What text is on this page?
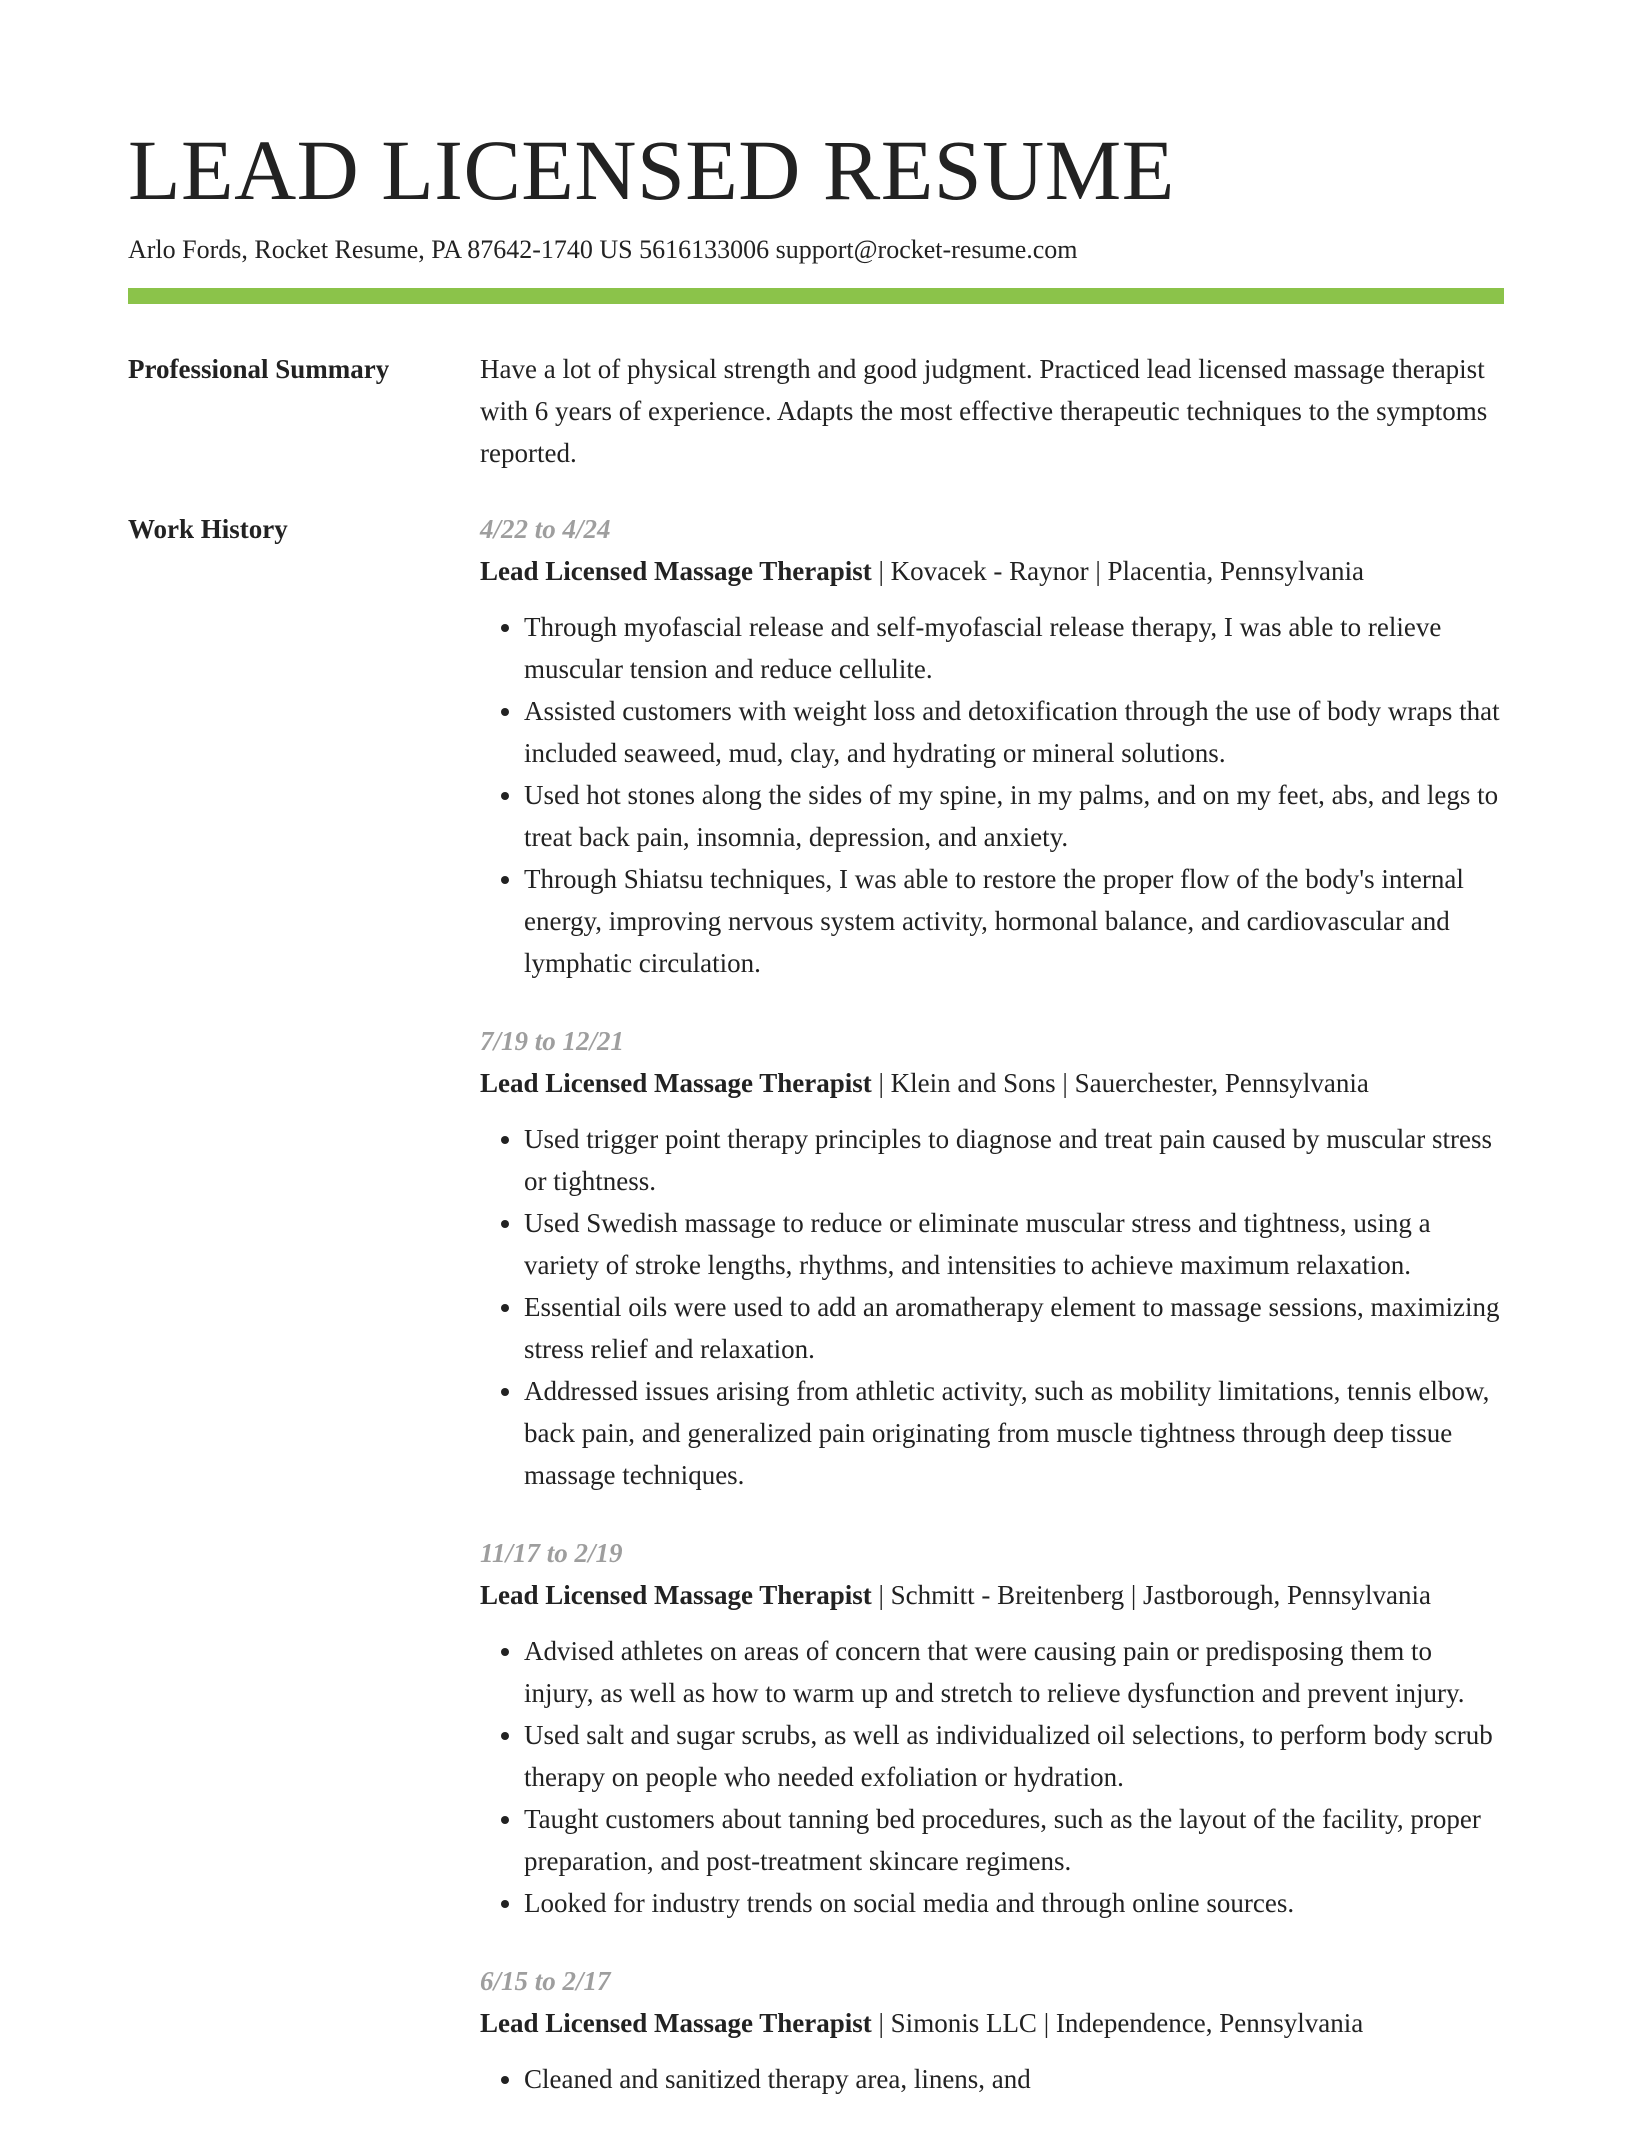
LEAD LICENSED RESUME
Arlo Fords, Rocket Resume, PA 87642-1740 US 5616133006 support@rocket-resume.com
Professional Summary	Have a lot of physical strength and good judgment. Practiced lead licensed massage therapist with 6 years of experience. Adapts the most effective therapeutic techniques to the symptoms reported.

Work History	4/22 to 4/24
Lead Licensed Massage Therapist | Kovacek - Raynor | Placentia, Pennsylvania
• Through myofascial release and self-myofascial release therapy, I was able to relieve muscular tension and reduce cellulite.
• Assisted customers with weight loss and detoxification through the use of body wraps that included seaweed, mud, clay, and hydrating or mineral solutions.
• Used hot stones along the sides of my spine, in my palms, and on my feet, abs, and legs to treat back pain, insomnia, depression, and anxiety.
• Through Shiatsu techniques, I was able to restore the proper flow of the body's internal energy, improving nervous system activity, hormonal balance, and cardiovascular and lymphatic circulation.
7/19 to 12/21
Lead Licensed Massage Therapist | Klein and Sons | Sauerchester, Pennsylvania
• Used trigger point therapy principles to diagnose and treat pain caused by muscular stress or tightness.
• Used Swedish massage to reduce or eliminate muscular stress and tightness, using a variety of stroke lengths, rhythms, and intensities to achieve maximum relaxation.
• Essential oils were used to add an aromatherapy element to massage sessions, maximizing stress relief and relaxation.
• Addressed issues arising from athletic activity, such as mobility limitations, tennis elbow, back pain, and generalized pain originating from muscle tightness through deep tissue massage techniques.
11/17 to 2/19
Lead Licensed Massage Therapist | Schmitt - Breitenberg | Jastborough, Pennsylvania
• Advised athletes on areas of concern that were causing pain or predisposing them to injury, as well as how to warm up and stretch to relieve dysfunction and prevent injury.
• Used salt and sugar scrubs, as well as individualized oil selections, to perform body scrub therapy on people who needed exfoliation or hydration.
• Taught customers about tanning bed procedures, such as the layout of the facility, proper preparation, and post-treatment skincare regimens.
• Looked for industry trends on social media and through online sources.
6/15 to 2/17
Lead Licensed Massage Therapist | Simonis LLC | Independence, Pennsylvania
• Cleaned and sanitized therapy area, linens, and
